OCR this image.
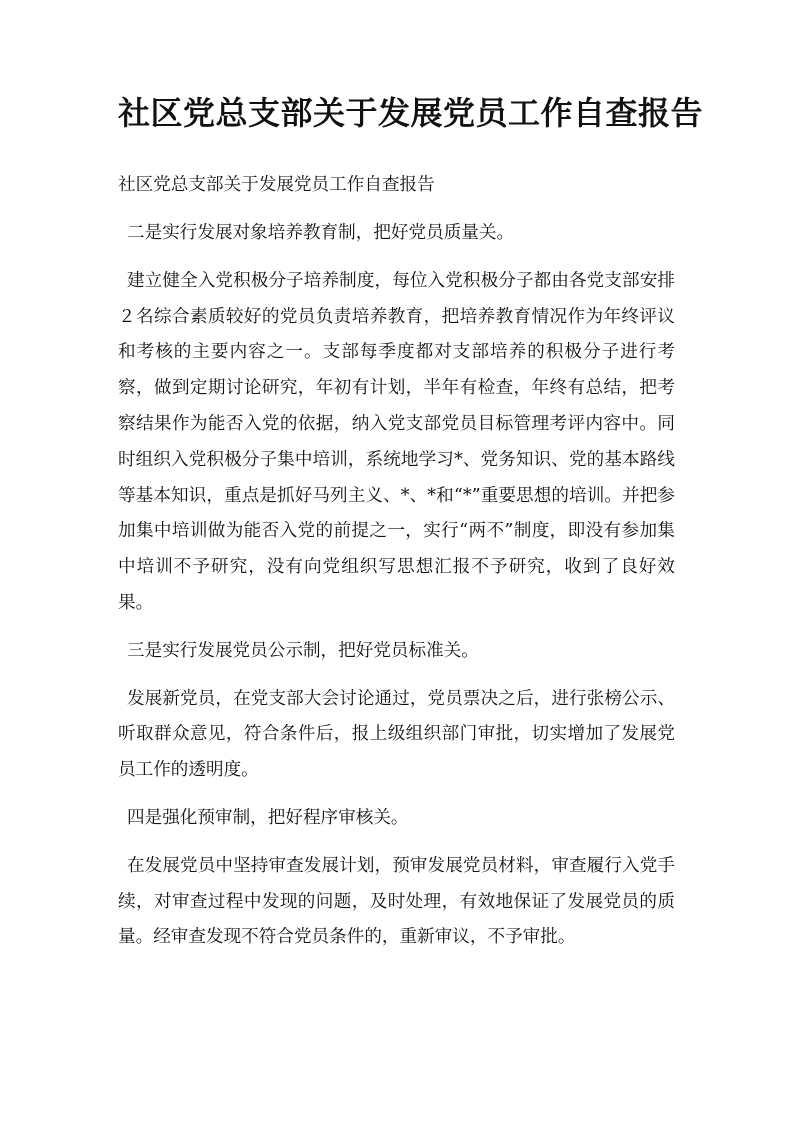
社区党总支部关于发展党员工作自查报告

社区党总支部关于发展党员工作自查报告

二是实行发展对象培养教育制，把好党员质量关。

建立健全入党积极分子培养制度，每位入党积极分子都由各党支部安排２名综合素质较好的党员负责培养教育，把培养教育情况作为年终评议和考核的主要内容之一。支部每季度都对支部培养的积极分子进行考察，做到定期讨论研究，年初有计划，半年有检查，年终有总结，把考察结果作为能否入党的依据，纳入党支部党员目标管理考评内容中。同时组织入党积极分子集中培训，系统地学习*、党务知识、党的基本路线等基本知识，重点是抓好马列主义、*、*和“*”重要思想的培训。并把参加集中培训做为能否入党的前提之一，实行“两不”制度，即没有参加集中培训不予研究，没有向党组织写思想汇报不予研究，收到了良好效果。

三是实行发展党员公示制，把好党员标准关。

发展新党员，在党支部大会讨论通过，党员票决之后，进行张榜公示、听取群众意见，符合条件后，报上级组织部门审批，切实增加了发展党员工作的透明度。

四是强化预审制，把好程序审核关。

在发展党员中坚持审查发展计划，预审发展党员材料，审查履行入党手续，对审查过程中发现的问题，及时处理，有效地保证了发展党员的质量。经审查发现不符合党员条件的，重新审议，不予审批。
